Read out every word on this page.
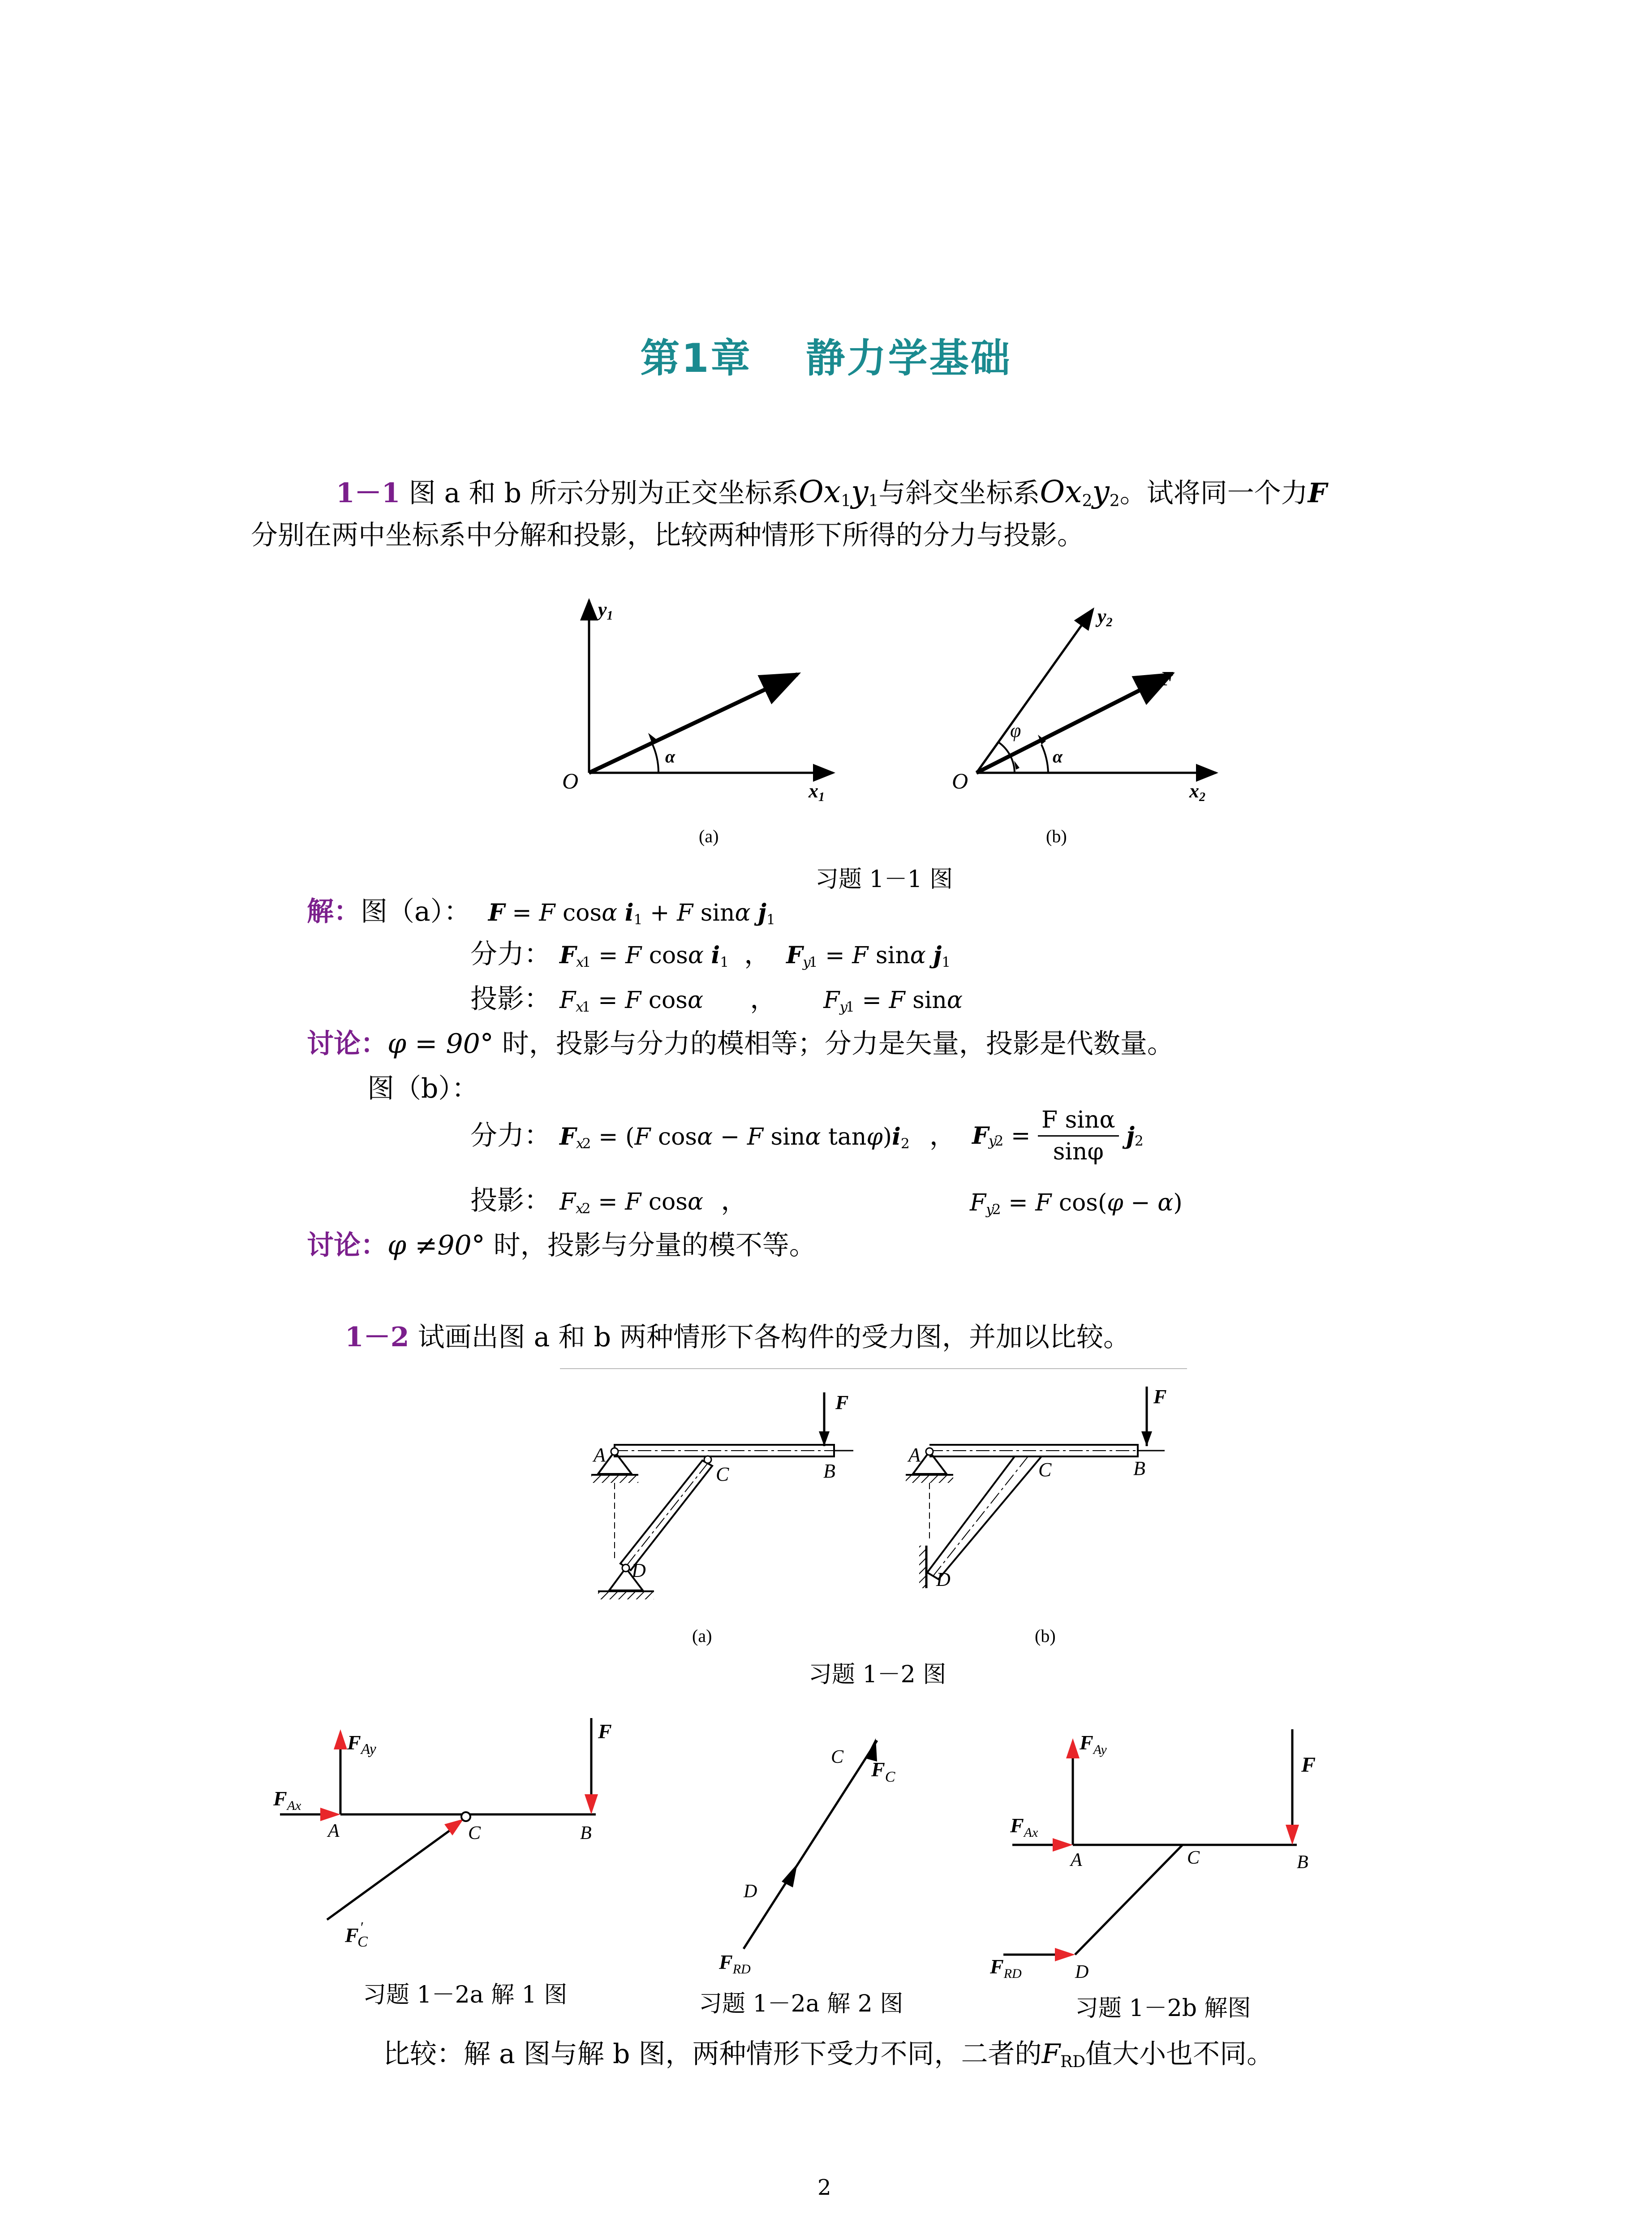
第1章 静力学基础
1－1 图 a 和 b 所示分别为正交坐标系$Ox_1y_1$与斜交坐标系$Ox_2y_2$。试将同一个力F
分别在两中坐标系中分解和投影，比较两种情形下所得的分力与投影。
y1
x1
O
F
α
(a)
y2
x2
O
F
α
φ
(b)
习题 1－1 图
解：图（a）： F = F cosα $i_1 + F$ sinα $j_1$
分力： $F_{x1} = F$ cosα $i_1$ ， $F_{y1} = F$ sinα $j_1$
投影： $F_{x1} = F$ cosα ， $F_{y1} = F$ sinα
讨论：φ = 90° 时，投影与分力的模相等；分力是矢量，投影是代数量。
图（b）：
分力： $F_{x2} = (F$ cosα − F sinα $\tan\varphi)i_2$ ， $F_{y2} = \frac{\text{F sinα}}{\sin\varphi} j_2$
投影： $F_{x2} = F$ cosα ，	$F_{y2} = F$ cos(φ − α)
讨论：φ ≠90° 时，投影与分量的模不等。
1－2 试画出图 a 和 b 两种情形下各构件的受力图，并加以比较。
A
B
C
D
F
(a)
A
B
C
D
F
(b)
习题 1－2 图
$F_{Ay}$
$F_{Ax}$
F
A	B
C
F′ C
C
$F_C$
D
$F_{RD}$
$F_{Ay}$
F
$F_{Ax}$
A	C	B
D
$F_{RD}$
习题 1－2a 解 1 图	习题 1－2a 解 2 图	习题 1－2b 解图
比较：解 a 图与解 b 图，两种情形下受力不同，二者的$F_{RD}$值大小也不同。
2
